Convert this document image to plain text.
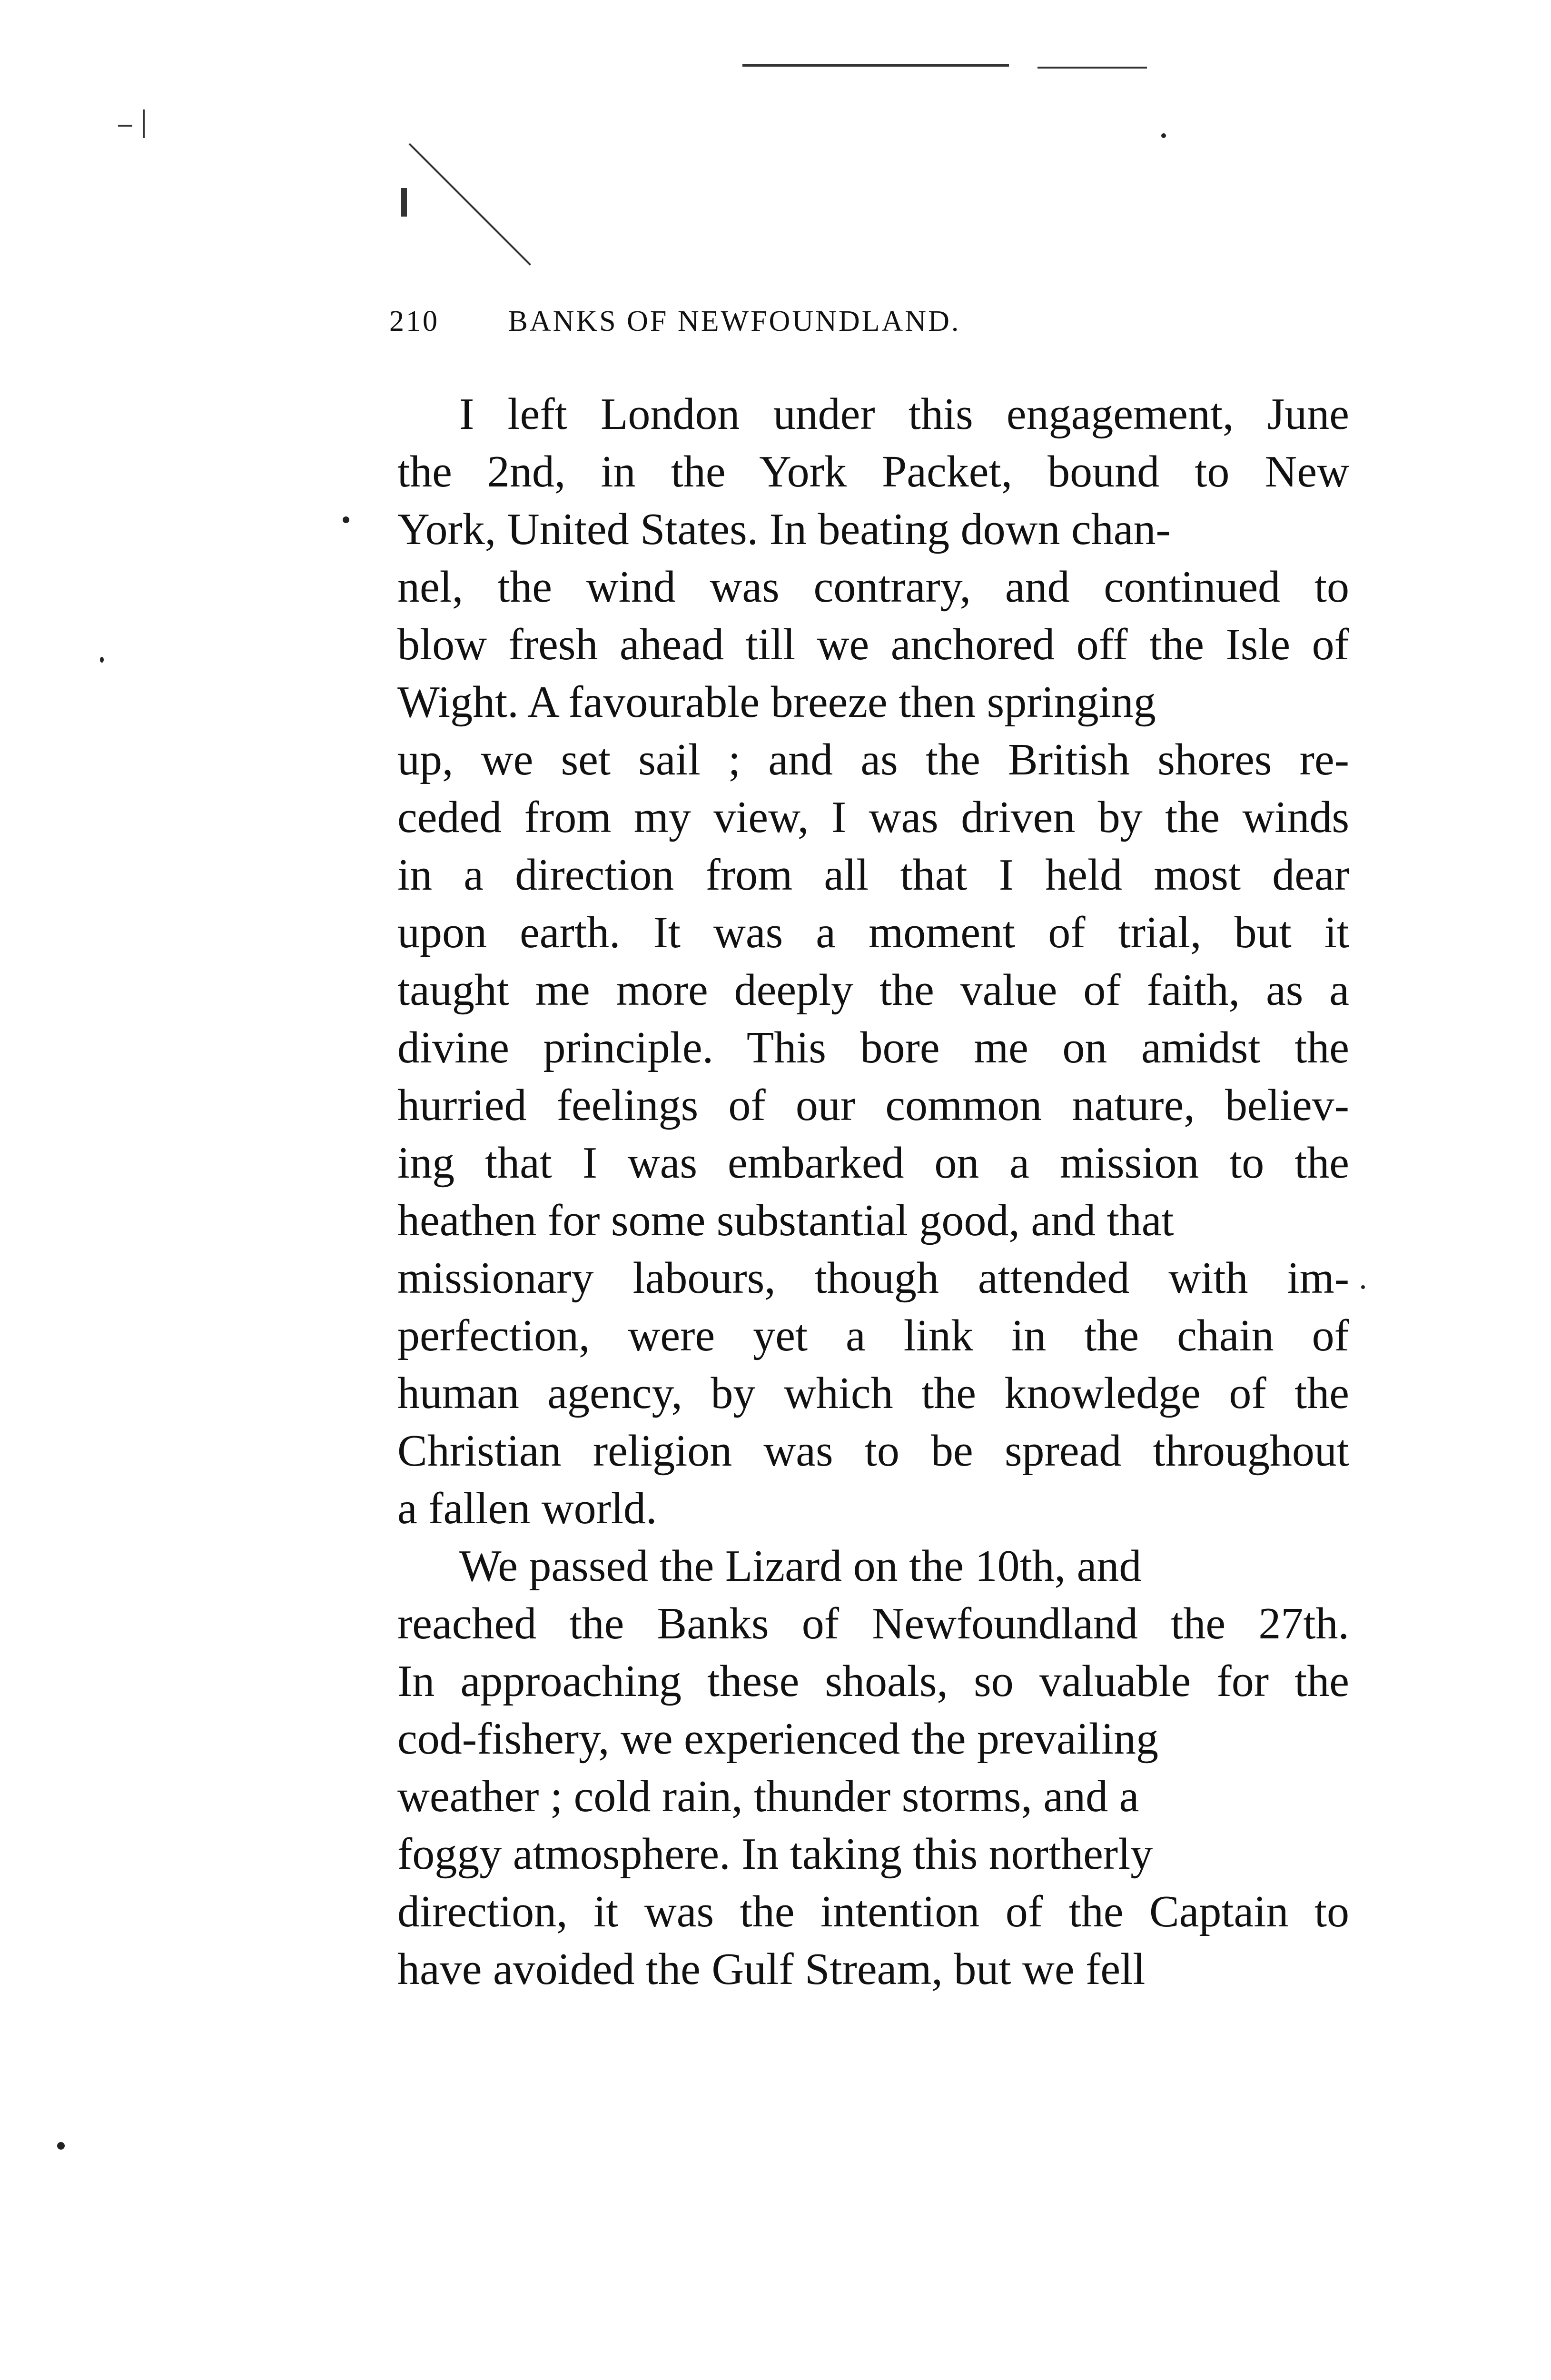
210 BANKS OF NEWFOUNDLAND.
I left London under this engagement, June
the 2nd, in the York Packet, bound to New
York, United States. In beating down chan-
nel, the wind was contrary, and continued to
blow fresh ahead till we anchored off the Isle of
Wight. A favourable breeze then springing
up, we set sail ; and as the British shores re-
ceded from my view, I was driven by the winds
in a direction from all that I held most dear
upon earth. It was a moment of trial, but it
taught me more deeply the value of faith, as a
divine principle. This bore me on amidst the
hurried feelings of our common nature, believ-
ing that I was embarked on a mission to the
heathen for some substantial good, and that
missionary labours, though attended with im-
perfection, were yet a link in the chain of
human agency, by which the knowledge of the
Christian religion was to be spread throughout
a fallen world.
We passed the Lizard on the 10th, and
reached the Banks of Newfoundland the 27th.
In approaching these shoals, so valuable for the
cod-fishery, we experienced the prevailing
weather ; cold rain, thunder storms, and a
foggy atmosphere. In taking this northerly
direction, it was the intention of the Captain to
have avoided the Gulf Stream, but we fell
